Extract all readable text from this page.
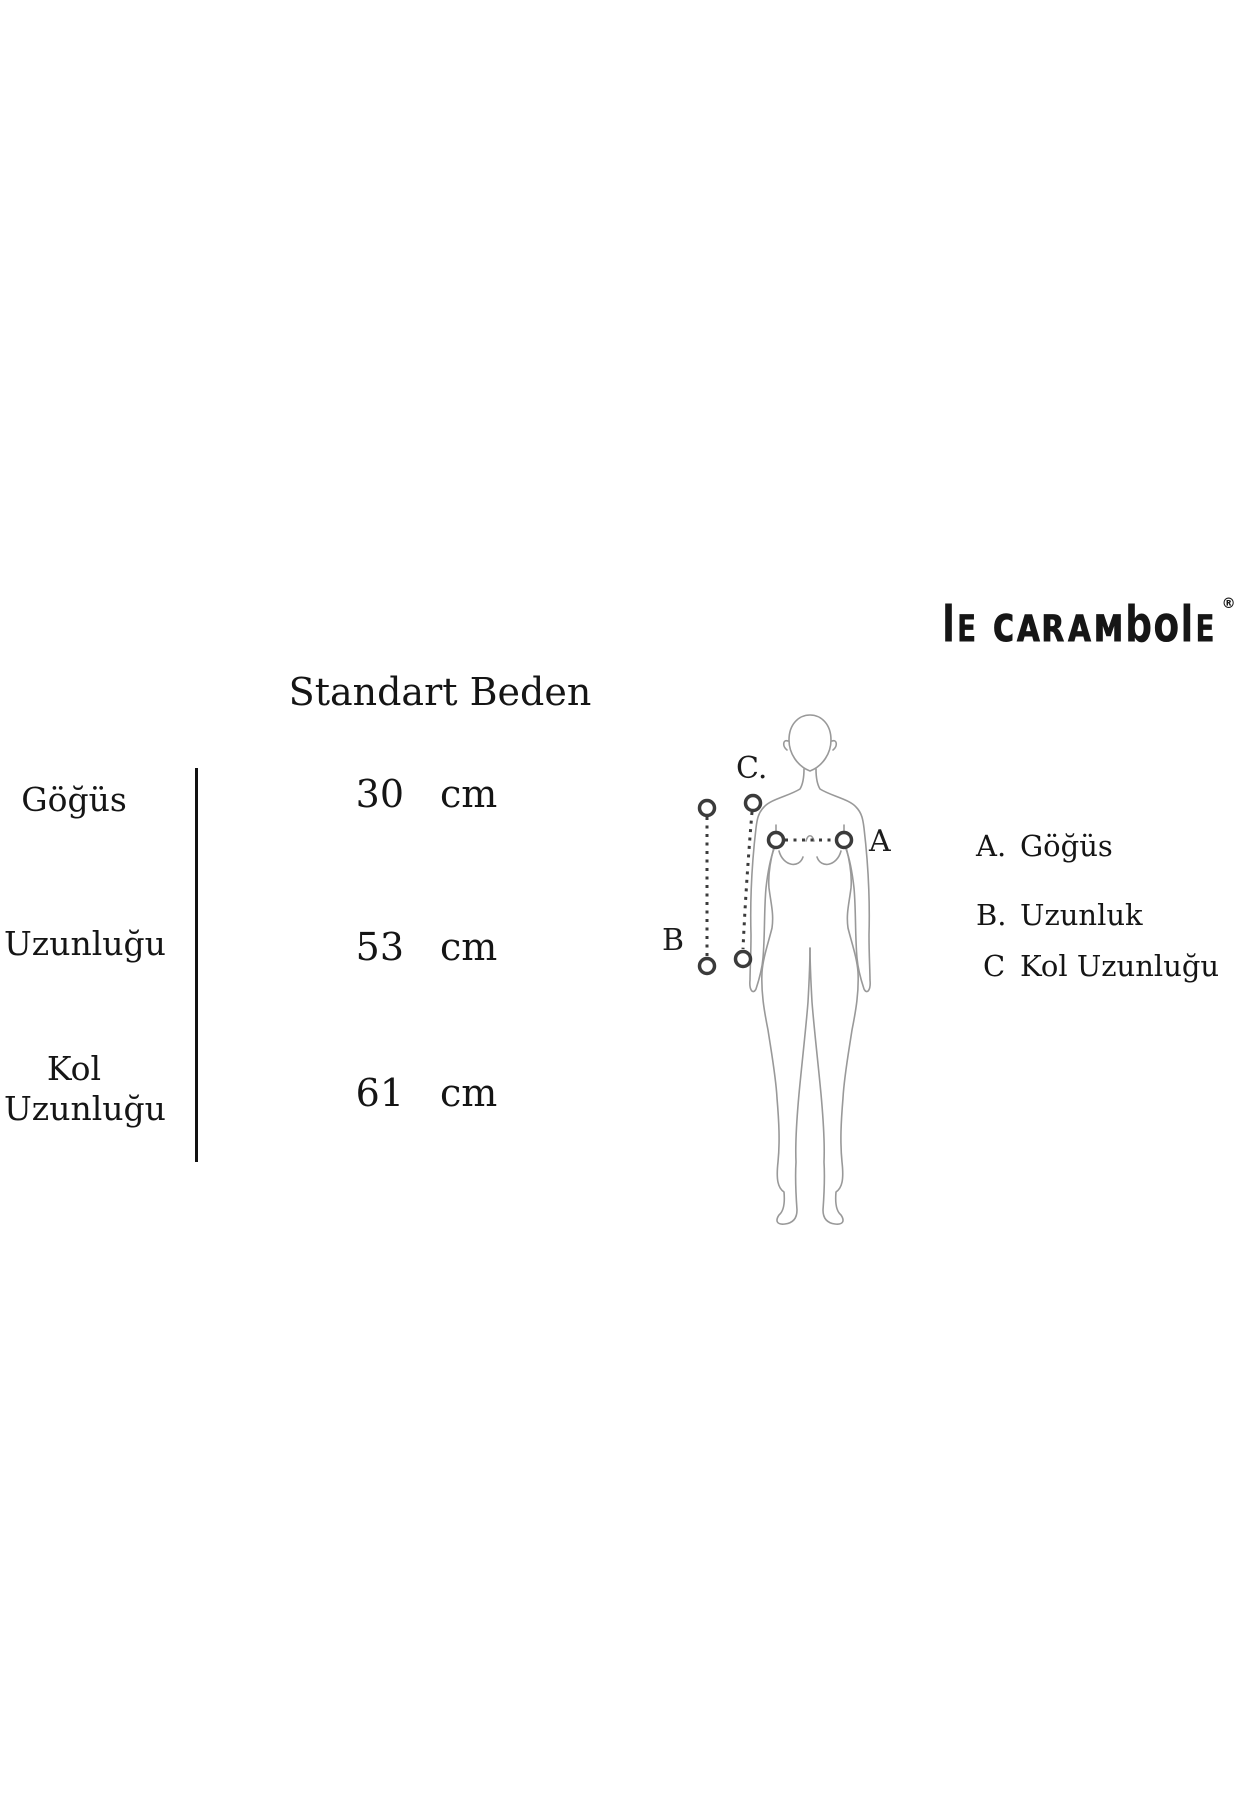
lᴇ ᴄᴀʀᴀᴍbᴏlᴇ ®
Standart Beden
Göğüs
Uzunluğu
Kol Uzunluğu
30 cm
53 cm
61 cm
A
B
C.
A. Göğüs
B. Uzunluk
C Kol Uzunluğu
